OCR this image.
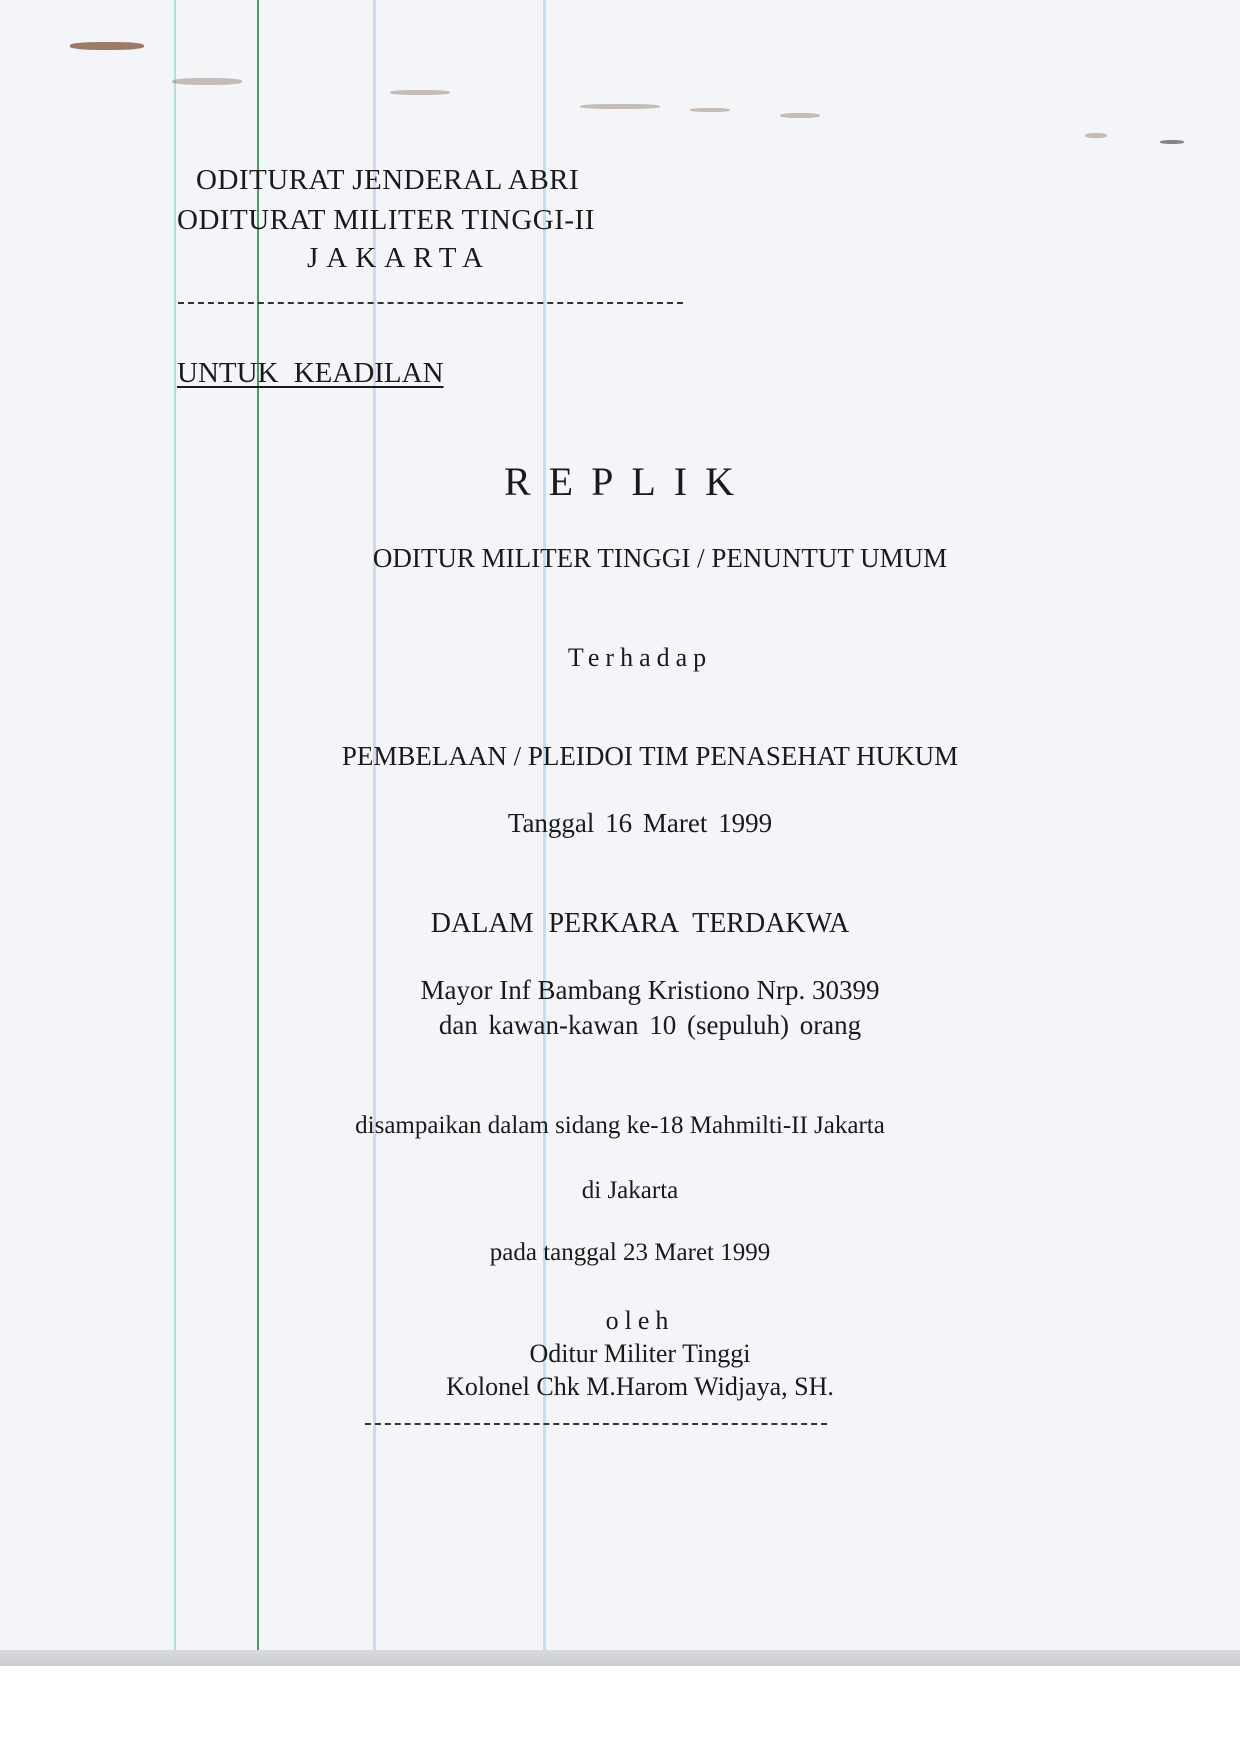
ODITURAT JENDERAL ABRI
ODITURAT MILITER TINGGI-II
JAKARTA
UNTUK KEADILAN
REPLIK
ODITUR MILITER TINGGI / PENUNTUT UMUM
Terhadap
PEMBELAAN / PLEIDOI TIM PENASEHAT HUKUM
Tanggal 16 Maret 1999
DALAM PERKARA TERDAKWA
Mayor Inf Bambang Kristiono Nrp. 30399
dan kawan-kawan 10 (sepuluh) orang
disampaikan dalam sidang ke-18 Mahmilti-II Jakarta
di Jakarta
pada tanggal 23 Maret 1999
oleh
Oditur Militer Tinggi
Kolonel Chk M.Harom Widjaya, SH.
